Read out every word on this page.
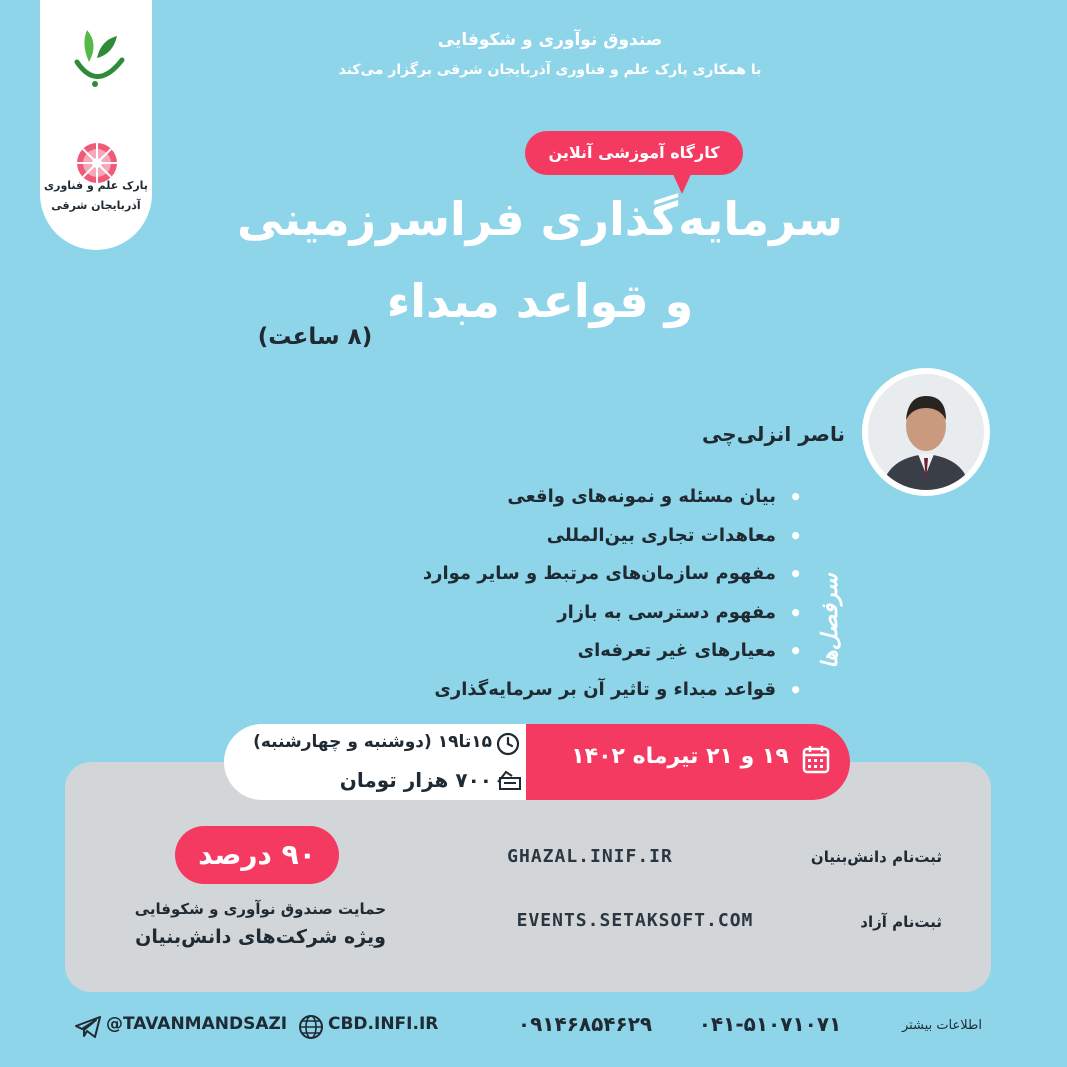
پارک علم و فناوری
آذربایجان شرقی
صندوق نوآوری و شکوفایی
با همکاری پارک علم و فناوری آذربایجان شرقی برگزار می‌کند
کارگاه آموزشی آنلاین
سرمایه‌گذاری فراسرزمینی
و قواعد مبداء
(۸ ساعت)
ناصر انزلی‌چی
• بیان مسئله و نمونه‌های واقعی
• معاهدات تجاری بین‌المللی
• مفهوم سازمان‌های مرتبط و سایر موارد
• مفهوم دسترسی به بازار
• معیارهای غیر تعرفه‌ای
• قواعد مبداء و تاثیر آن بر سرمایه‌گذاری
سرفصل‌ها
۱۹ و ۲۱ تیرماه ۱۴۰۲
۱۵تا۱۹ (دوشنبه و چهارشنبه)
۷۰۰ هزار تومان
۹۰ درصد
حمایت صندوق نوآوری و شکوفایی
ویژه شرکت‌های دانش‌بنیان
ثبت‌نام دانش‌بنیان
GHAZAL.INIF.IR
ثبت‌نام آزاد
EVENTS.SETAKSOFT.COM
اطلاعات بیشتر
۰۴۱-۵۱۰۷۱۰۷۱
۰۹۱۴۶۸۵۴۶۲۹
CBD.INFI.IR
@TAVANMANDSAZI
